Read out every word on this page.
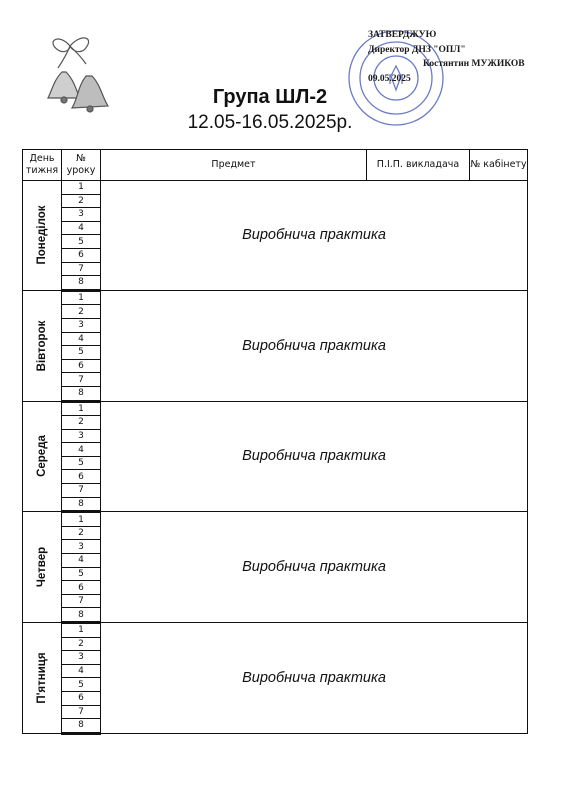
ЗАТВЕРДЖУЮ
Директор ДНЗ "ОПЛ"
Костянтин МУЖИКОВ
09.05.2025
Група ШЛ-2
12.05-16.05.2025р.
День тижня	№ уроку	Предмет	П.І.П. викладача	№ кабінету

Понеділок	1	Виробнича практика		
	2			
	3			
	4			
	5			
	6			
	7			
	8			

Вівторок	1	Виробнича практика		
	2			
	3			
	4			
	5			
	6			
	7			
	8			

Середа	1	Виробнича практика		
	2			
	3			
	4			
	5			
	6			
	7			
	8			

Четвер	1	Виробнича практика		
	2			
	3			
	4			
	5			
	6			
	7			
	8			

П'ятниця	1	Виробнича практика		
	2			
	3			
	4			
	5			
	6			
	7			
	8			
